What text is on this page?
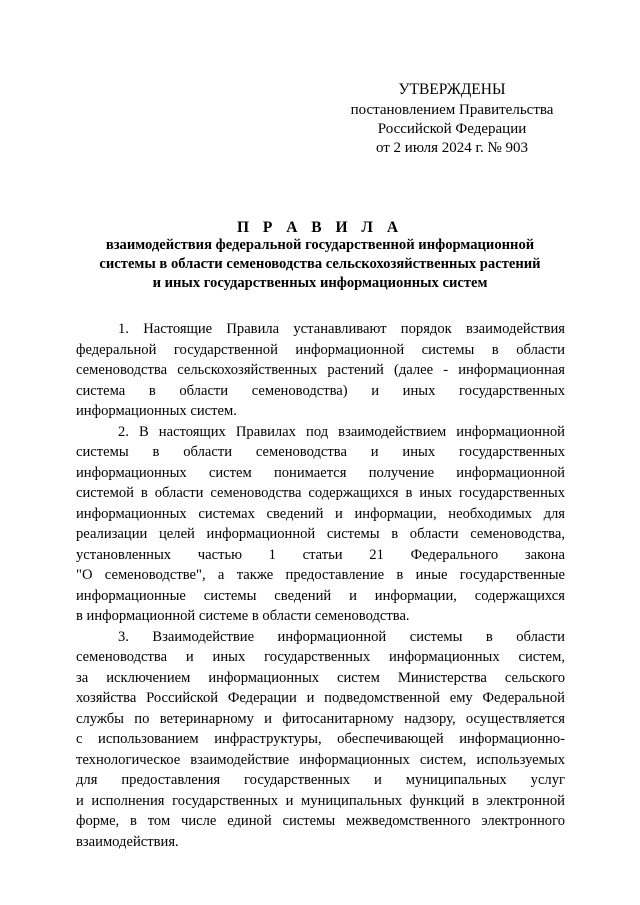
УТВЕРЖДЕНЫ
постановлением Правительства
Российской Федерации
от 2 июля 2024 г. № 903
П Р А В И Л А
взаимодействия федеральной государственной информационной
системы в области семеноводства сельскохозяйственных растений
и иных государственных информационных систем
1. Настоящие Правила устанавливают порядок взаимодействия
федеральной государственной информационной системы в области
семеноводства сельскохозяйственных растений (далее - информационная
система в области семеноводства) и иных государственных
информационных систем.
2. В настоящих Правилах под взаимодействием информационной
системы в области семеноводства и иных государственных
информационных систем понимается получение информационной
системой в области семеноводства содержащихся в иных государственных
информационных системах сведений и информации, необходимых для
реализации целей информационной системы в области семеноводства,
установленных частью 1 статьи 21 Федерального закона
"О семеноводстве", а также предоставление в иные государственные
информационные системы сведений и информации, содержащихся
в информационной системе в области семеноводства.
3. Взаимодействие информационной системы в области
семеноводства и иных государственных информационных систем,
за исключением информационных систем Министерства сельского
хозяйства Российской Федерации и подведомственной ему Федеральной
службы по ветеринарному и фитосанитарному надзору, осуществляется
с использованием инфраструктуры, обеспечивающей информационно-
технологическое взаимодействие информационных систем, используемых
для предоставления государственных и муниципальных услуг
и исполнения государственных и муниципальных функций в электронной
форме, в том числе единой системы межведомственного электронного
взаимодействия.
